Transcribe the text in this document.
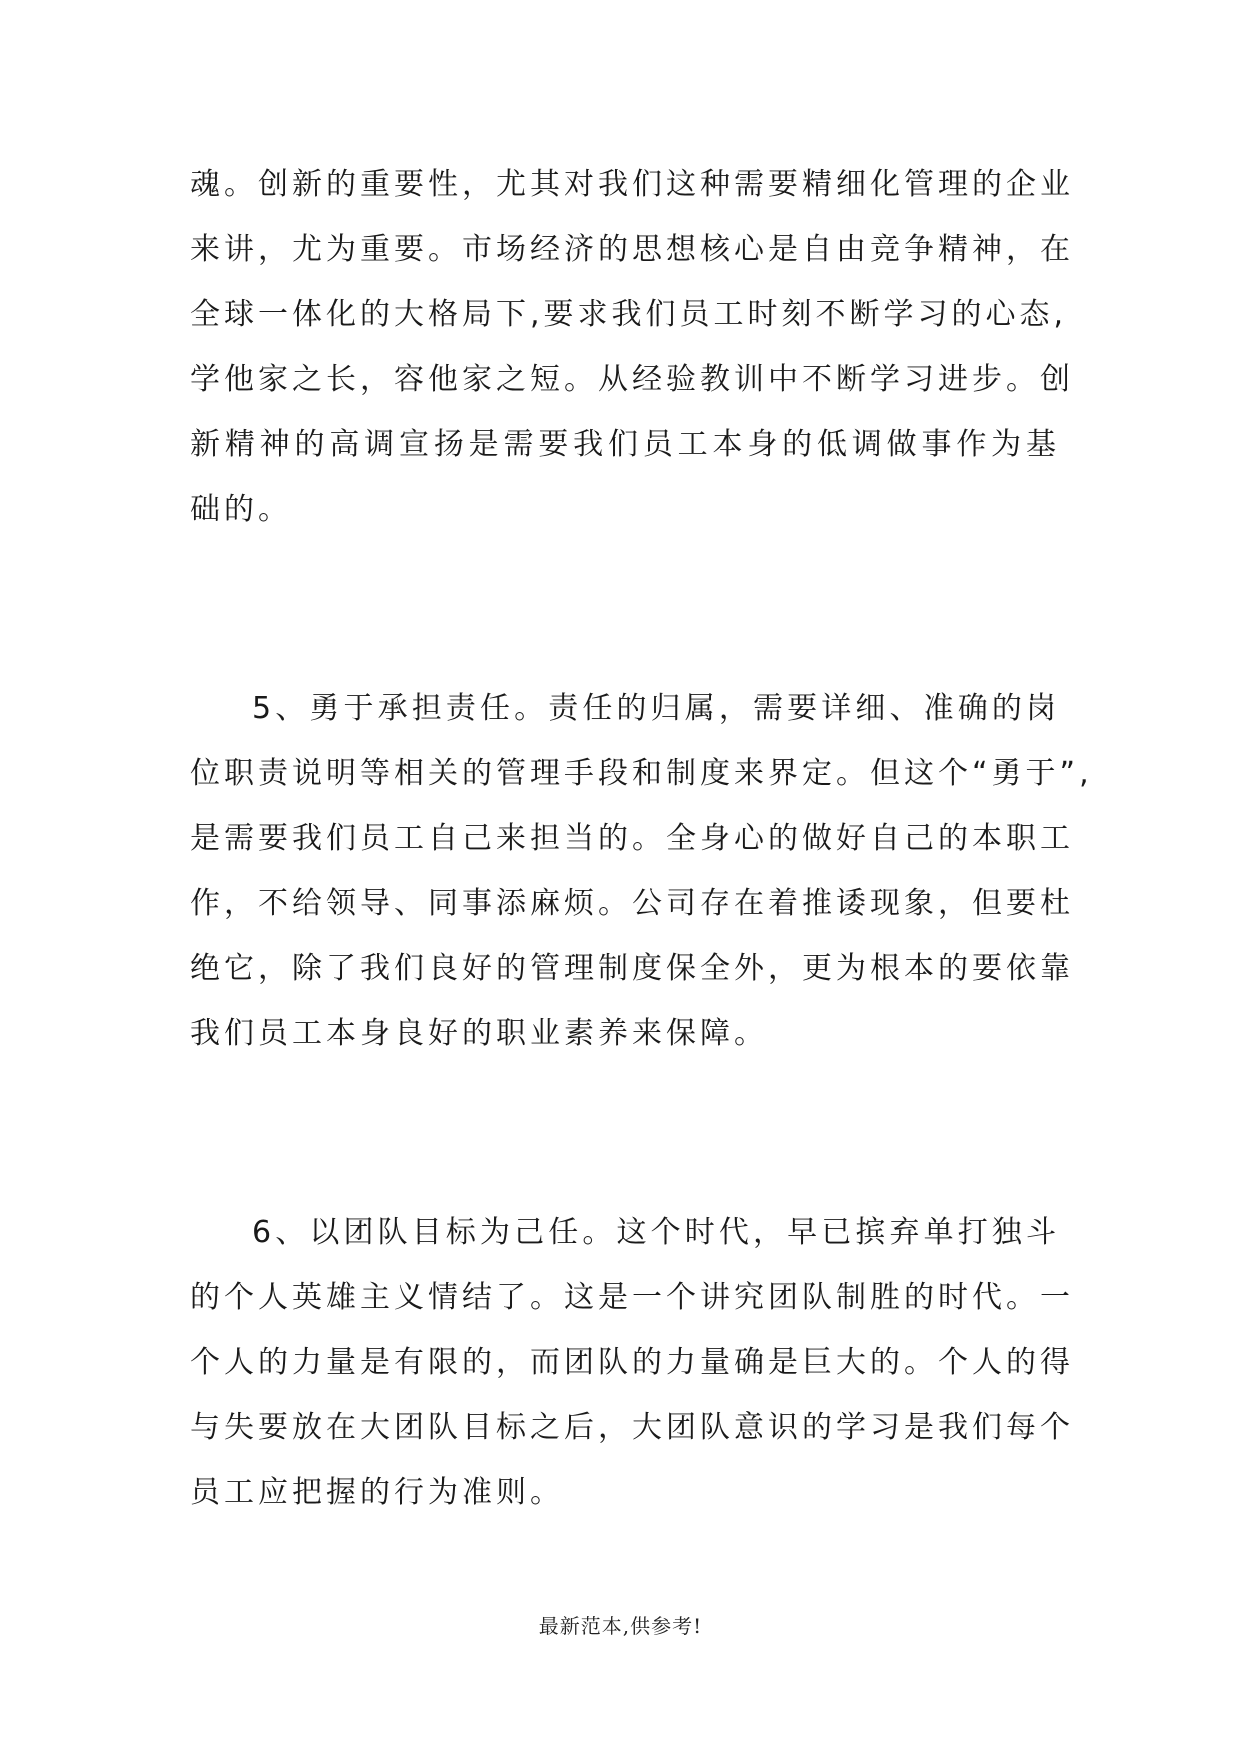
魂。创新的重要性，尤其对我们这种需要精细化管理的企业
来讲，尤为重要。市场经济的思想核心是自由竞争精神，在
全球一体化的大格局下,要求我们员工时刻不断学习的心态,
学他家之长，容他家之短。从经验教训中不断学习进步。创
新精神的高调宣扬是需要我们员工本身的低调做事作为基
础的。
5、勇于承担责任。责任的归属，需要详细、准确的岗
位职责说明等相关的管理手段和制度来界定。但这个“勇于”,
是需要我们员工自己来担当的。全身心的做好自己的本职工
作，不给领导、同事添麻烦。公司存在着推诿现象，但要杜
绝它，除了我们良好的管理制度保全外，更为根本的要依靠
我们员工本身良好的职业素养来保障。
6、以团队目标为己任。这个时代，早已摈弃单打独斗
的个人英雄主义情结了。这是一个讲究团队制胜的时代。一
个人的力量是有限的，而团队的力量确是巨大的。个人的得
与失要放在大团队目标之后，大团队意识的学习是我们每个
员工应把握的行为准则。
最新范本,供参考!
